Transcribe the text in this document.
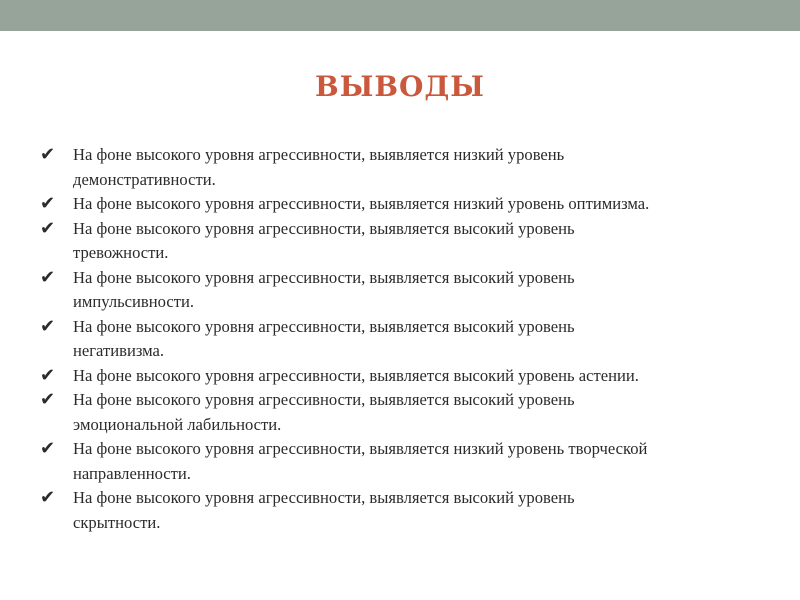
ВЫВОДЫ
✔	На фоне высокого уровня агрессивности, выявляется низкий уровень
демонстративности.
✔	На фоне высокого уровня агрессивности, выявляется низкий уровень оптимизма.
✔	На фоне высокого уровня агрессивности, выявляется высокий уровень
тревожности.
✔	На фоне высокого уровня агрессивности, выявляется высокий уровень
импульсивности.
✔	На фоне высокого уровня агрессивности, выявляется высокий уровень
негативизма.
✔	На фоне высокого уровня агрессивности, выявляется высокий уровень астении.
✔	На фоне высокого уровня агрессивности, выявляется высокий уровень
эмоциональной лабильности.
✔	На фоне высокого уровня агрессивности, выявляется низкий уровень творческой
направленности.
✔	На фоне высокого уровня агрессивности, выявляется высокий уровень
скрытности.
